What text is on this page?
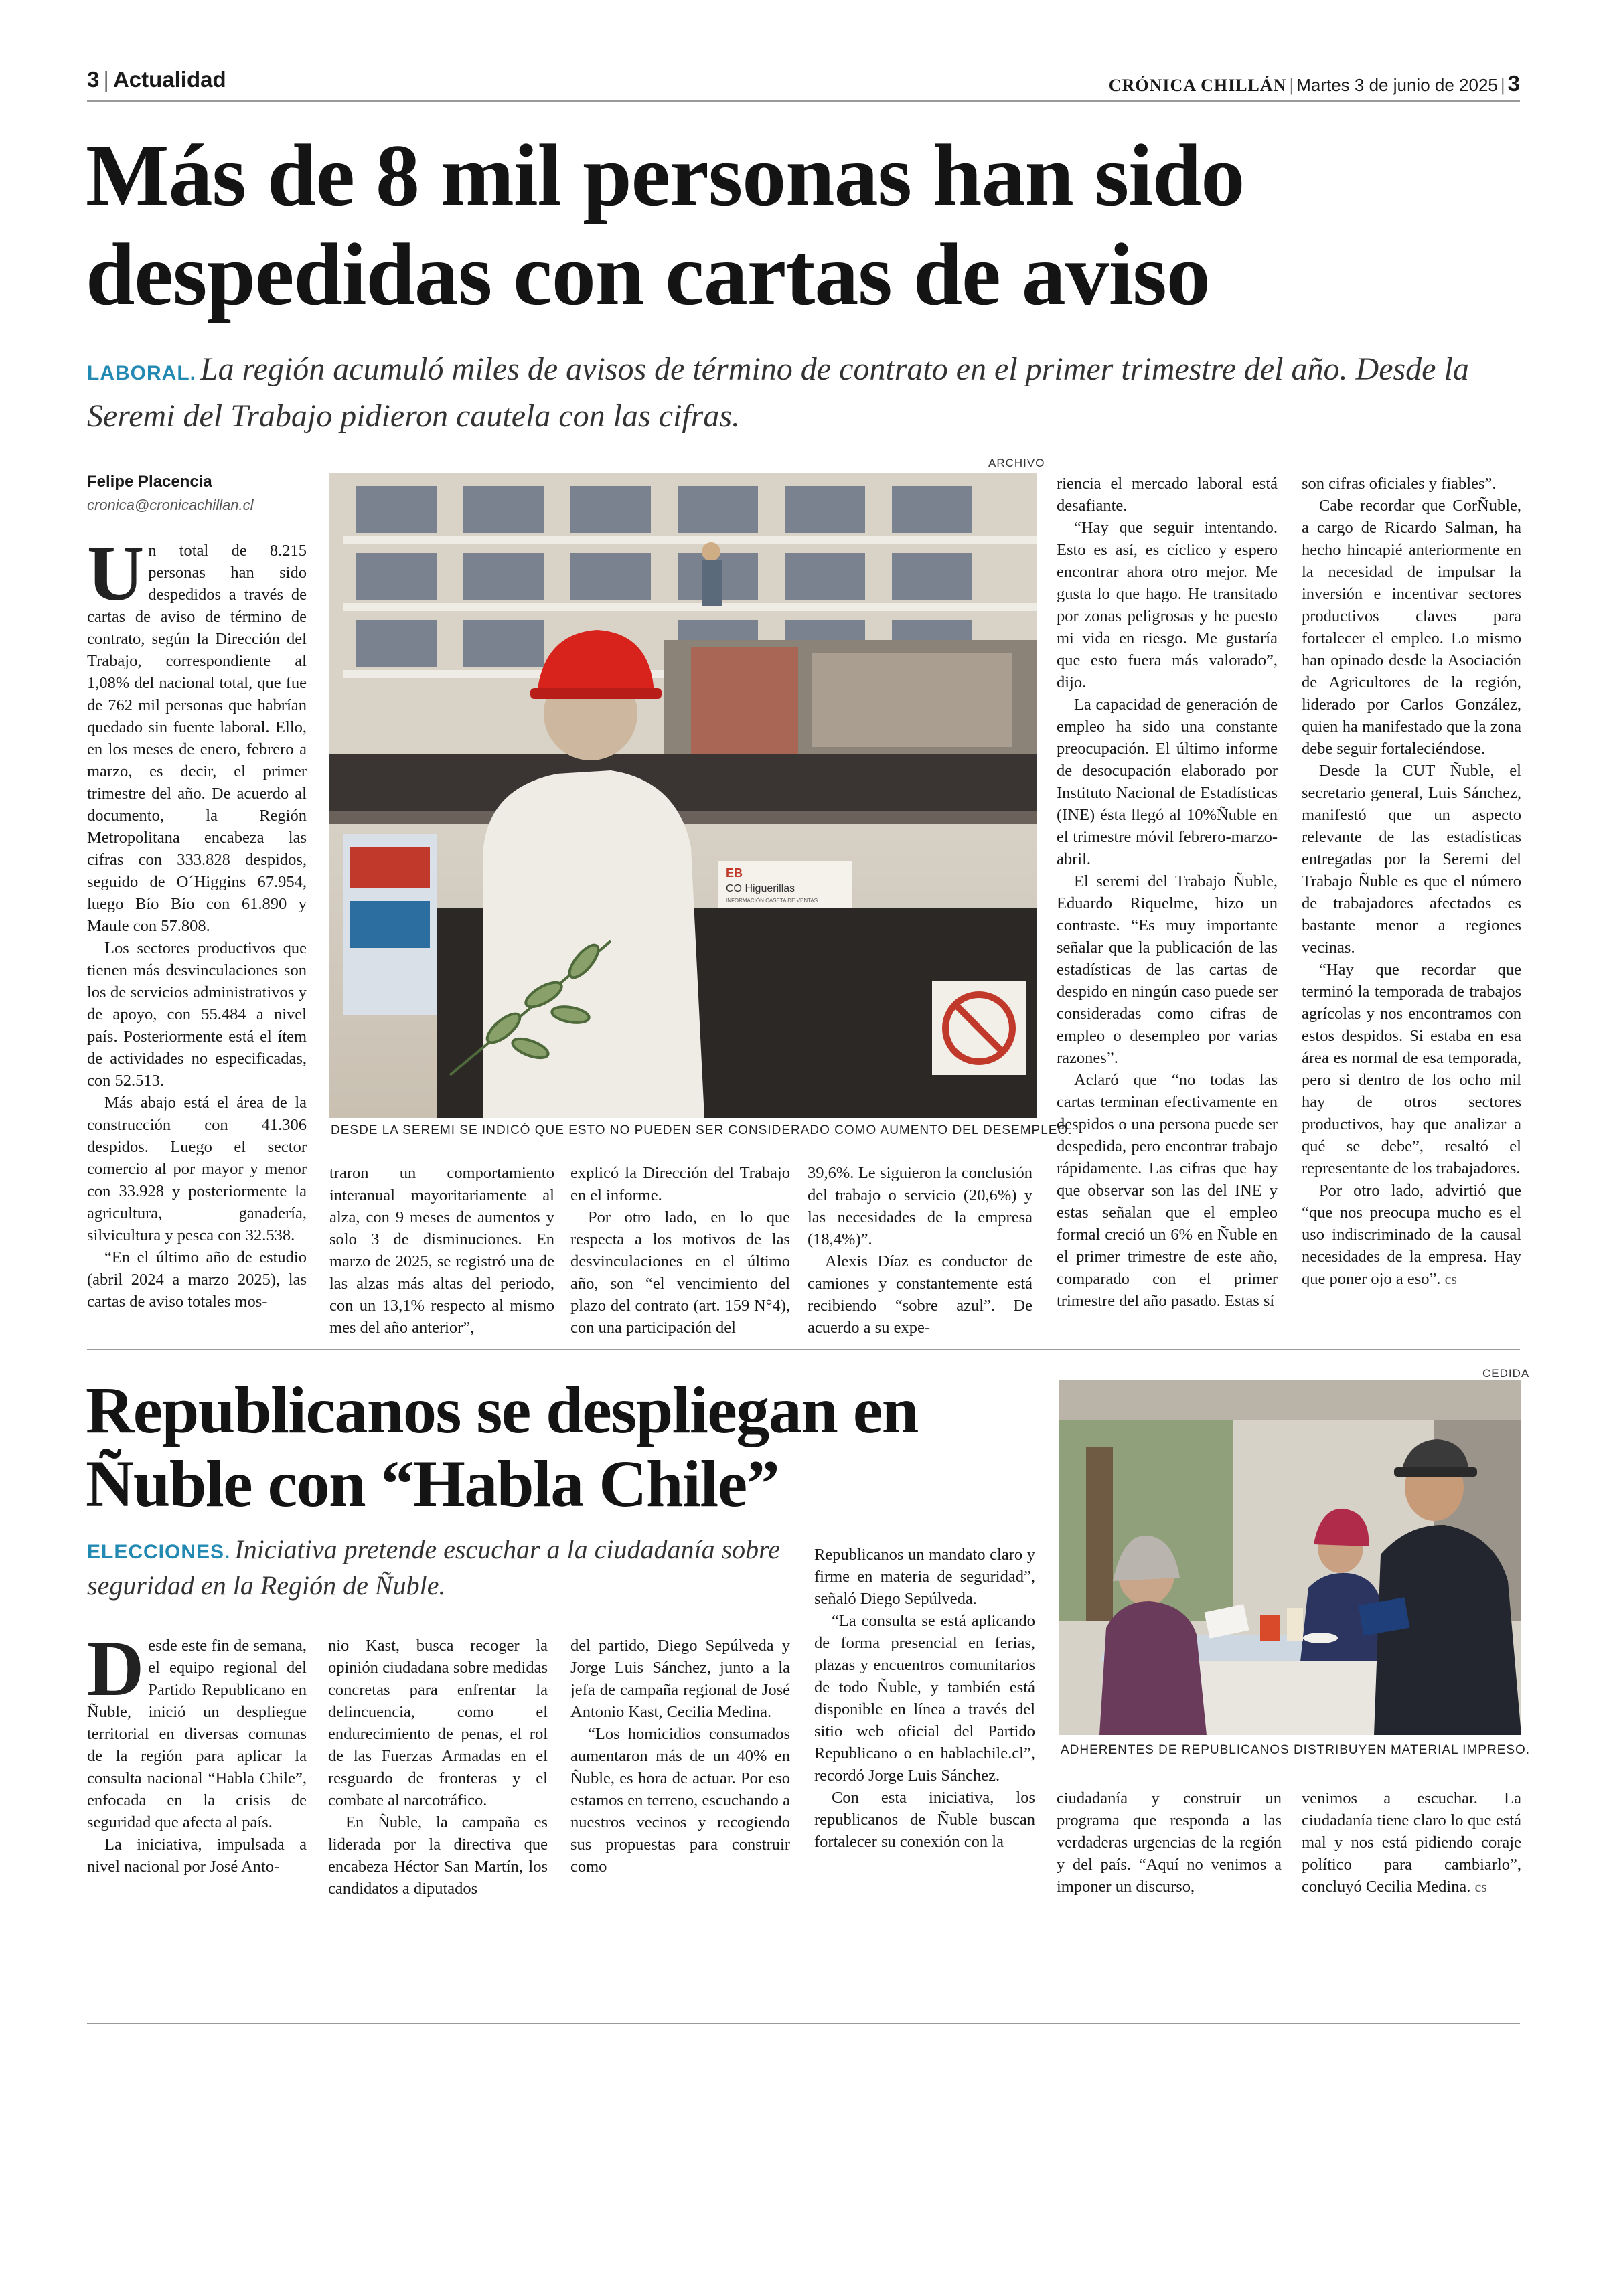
3 | Actualidad	CRÓNICA CHILLÁN | Martes 3 de junio de 2025 | 3
Más de 8 mil personas han sido despedidas con cartas de aviso
LABORAL. La región acumuló miles de avisos de término de contrato en el primer trimestre del año. Desde la Seremi del Trabajo pidieron cautela con las cifras.
Felipe Placencia
cronica@cronicachillan.cl

Un total de 8.215 personas han sido despedidos a través de cartas de aviso de término de contrato, según la Dirección del Trabajo, correspondiente al 1,08% del nacional total, que fue de 762 mil personas que habrían quedado sin fuente laboral. Ello, en los meses de enero, febrero a marzo, es decir, el primer trimestre del año. De acuerdo al documento, la Región Metropolitana encabeza las cifras con 333.828 despidos, seguido de O´Higgins 67.954, luego Bío Bío con 61.890 y Maule con 57.808.

Los sectores productivos que tienen más desvinculaciones son los de servicios administrativos y de apoyo, con 55.484 a nivel país. Posteriormente está el ítem de actividades no especificadas, con 52.513.

Más abajo está el área de la construcción con 41.306 despidos. Luego el sector comercio al por mayor y menor con 33.928 y posteriormente la agricultura, ganadería, silvicultura y pesca con 32.538.

“En el último año de estudio (abril 2024 a marzo 2025), las cartas de aviso totales mos-

ARCHIVO
EB
CO Higuerillas
INFORMACIÓN CASETA DE VENTAS
DESDE LA SEREMI SE INDICÓ QUE ESTO NO PUEDEN SER CONSIDERADO COMO AUMENTO DEL DESEMPLEO.

traron un comportamiento interanual mayoritariamente al alza, con 9 meses de aumentos y solo 3 de disminuciones. En marzo de 2025, se registró una de las alzas más altas del periodo, con un 13,1% respecto al mismo mes del año anterior”,

explicó la Dirección del Trabajo en el informe.

Por otro lado, en lo que respecta a los motivos de las desvinculaciones en el último año, son “el vencimiento del plazo del contrato (art. 159 N°4), con una participación del

39,6%. Le siguieron la conclusión del trabajo o servicio (20,6%) y las necesidades de la empresa (18,4%)”.

Alexis Díaz es conductor de camiones y constantemente está recibiendo “sobre azul”. De acuerdo a su expe-

riencia el mercado laboral está desafiante.

“Hay que seguir intentando. Esto es así, es cíclico y espero encontrar ahora otro mejor. Me gusta lo que hago. He transitado por zonas peligrosas y he puesto mi vida en riesgo. Me gustaría que esto fuera más valorado”, dijo.

La capacidad de generación de empleo ha sido una constante preocupación. El último informe de desocupación elaborado por Instituto Nacional de Estadísticas (INE) ésta llegó al 10%Ñuble en el trimestre móvil febrero-marzo-abril.

El seremi del Trabajo Ñuble, Eduardo Riquelme, hizo un contraste. “Es muy importante señalar que la publicación de las estadísticas de las cartas de despido en ningún caso puede ser consideradas como cifras de empleo o desempleo por varias razones”.

Aclaró que “no todas las cartas terminan efectivamente en despidos o una persona puede ser despedida, pero encontrar trabajo rápidamente. Las cifras que hay que observar son las del INE y estas señalan que el empleo formal creció un 6% en Ñuble en el primer trimestre de este año, comparado con el primer trimestre del año pasado. Estas sí

son cifras oficiales y fiables”.

Cabe recordar que CorÑuble, a cargo de Ricardo Salman, ha hecho hincapié anteriormente en la necesidad de impulsar la inversión e incentivar sectores productivos claves para fortalecer el empleo. Lo mismo han opinado desde la Asociación de Agricultores de la región, liderado por Carlos González, quien ha manifestado que la zona debe seguir fortaleciéndose.

Desde la CUT Ñuble, el secretario general, Luis Sánchez, manifestó que un aspecto relevante de las estadísticas entregadas por la Seremi del Trabajo Ñuble es que el número de trabajadores afectados es bastante menor a regiones vecinas.

“Hay que recordar que terminó la temporada de trabajos agrícolas y nos encontramos con estos despidos. Si estaba en esa área es normal de esa temporada, pero si dentro de los ocho mil hay de otros sectores productivos, hay que analizar a qué se debe”, resaltó el representante de los trabajadores.

Por otro lado, advirtió que “que nos preocupa mucho es el uso indiscriminado de la causal necesidades de la empresa. Hay que poner ojo a eso”. cs

Republicanos se despliegan en Ñuble con “Habla Chile”
ELECCIONES. Iniciativa pretende escuchar a la ciudadanía sobre seguridad en la Región de Ñuble.

Desde este fin de semana, el equipo regional del Partido Republicano en Ñuble, inició un despliegue territorial en diversas comunas de la región para aplicar la consulta nacional “Habla Chile”, enfocada en la crisis de seguridad que afecta al país.

La iniciativa, impulsada a nivel nacional por José Anto-

nio Kast, busca recoger la opinión ciudadana sobre medidas concretas para enfrentar la delincuencia, como el endurecimiento de penas, el rol de las Fuerzas Armadas en el resguardo de fronteras y el combate al narcotráfico.

En Ñuble, la campaña es liderada por la directiva que encabeza Héctor San Martín, los candidatos a diputados

del partido, Diego Sepúlveda y Jorge Luis Sánchez, junto a la jefa de campaña regional de José Antonio Kast, Cecilia Medina.

“Los homicidios consumados aumentaron más de un 40% en Ñuble, es hora de actuar. Por eso estamos en terreno, escuchando a nuestros vecinos y recogiendo sus propuestas para construir como

Republicanos un mandato claro y firme en materia de seguridad”, señaló Diego Sepúlveda.

“La consulta se está aplicando de forma presencial en ferias, plazas y encuentros comunitarios de todo Ñuble, y también está disponible en línea a través del sitio web oficial del Partido Republicano o en hablachile.cl”, recordó Jorge Luis Sánchez.

Con esta iniciativa, los republicanos de Ñuble buscan fortalecer su conexión con la

CEDIDA
ADHERENTES DE REPUBLICANOS DISTRIBUYEN MATERIAL IMPRESO.

ciudadanía y construir un programa que responda a las verdaderas urgencias de la región y del país. “Aquí no venimos a imponer un discurso,

venimos a escuchar. La ciudadanía tiene claro lo que está mal y nos está pidiendo coraje político para cambiarlo”, concluyó Cecilia Medina. cs
